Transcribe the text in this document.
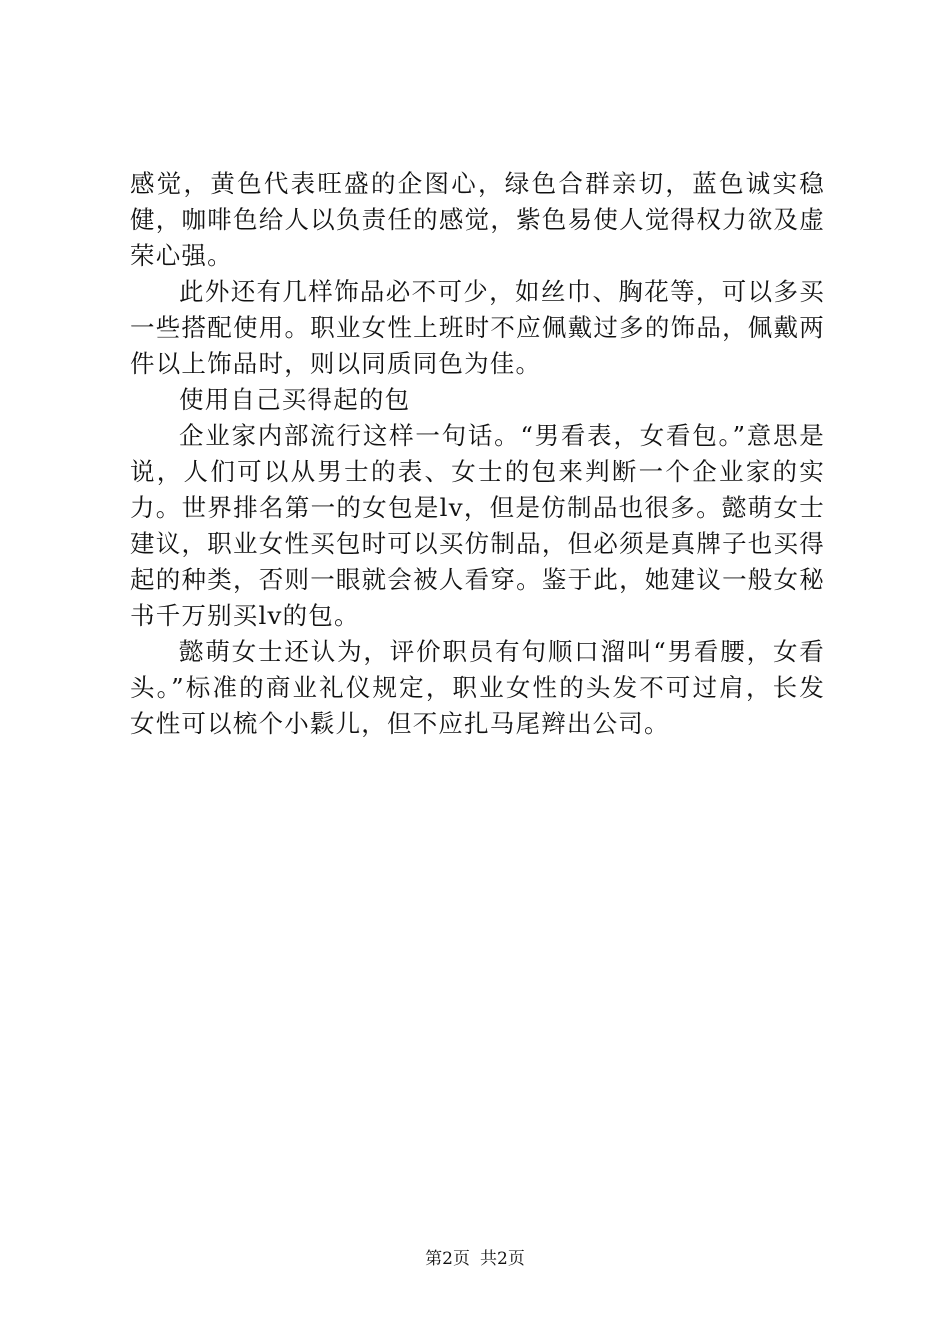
感觉，黄色代表旺盛的企图心，绿色合群亲切，蓝色诚实稳健，咖啡色给人以负责任的感觉，紫色易使人觉得权力欲及虚荣心强。

此外还有几样饰品必不可少，如丝巾、胸花等，可以多买一些搭配使用。职业女性上班时不应佩戴过多的饰品，佩戴两件以上饰品时，则以同质同色为佳。

使用自己买得起的包

企业家内部流行这样一句话。“男看表，女看包。”意思是说，人们可以从男士的表、女士的包来判断一个企业家的实力。世界排名第一的女包是lv，但是仿制品也很多。懿萌女士建议，职业女性买包时可以买仿制品，但必须是真牌子也买得起的种类，否则一眼就会被人看穿。鉴于此，她建议一般女秘书千万别买lv的包。

懿萌女士还认为，评价职员有句顺口溜叫“男看腰，女看头。”标准的商业礼仪规定，职业女性的头发不可过肩，长发女性可以梳个小鬏儿，但不应扎马尾辫出公司。

第2页 共2页
